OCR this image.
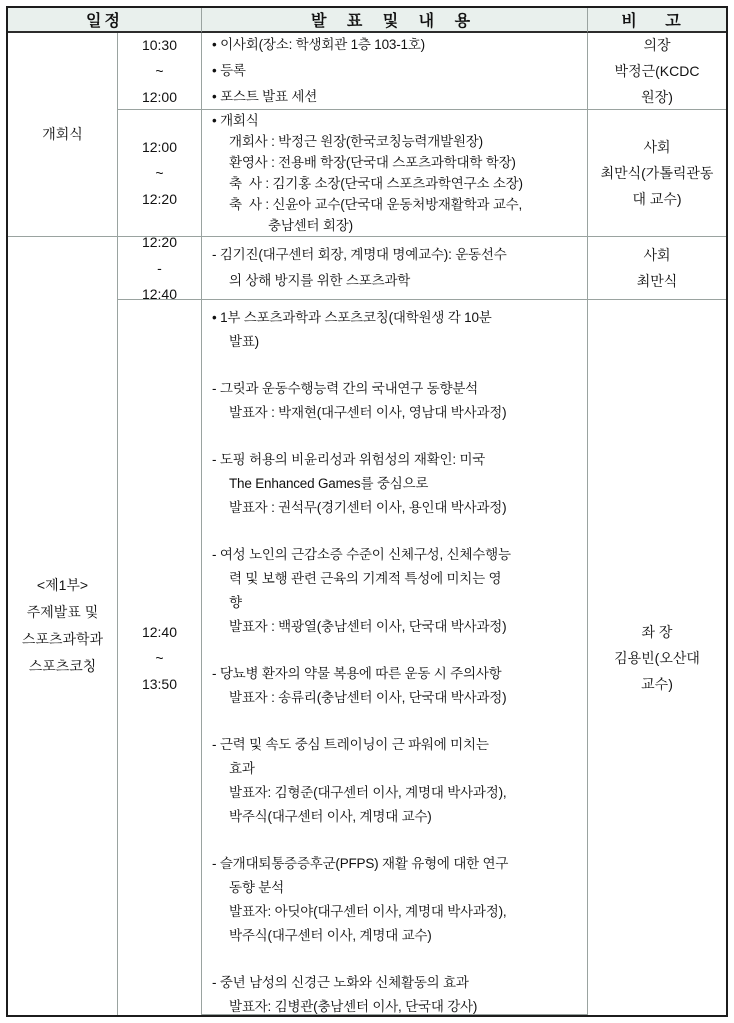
일정	발 표 및 내 용	비 고
개회식
<제1부>
주제발표 및
스포츠과학과
스포츠코칭
10:30
~
12:00
12:00
~
12:20
12:20
-
12:40
12:40
~
13:50
• 이사회(장소: 학생회관 1층 103-1호)
• 등록
• 포스트 발표 세션
• 개회식
개회사 : 박정근 원장(한국코칭능력개발원장)
환영사 : 전용배 학장(단국대 스포츠과학대학 학장)
축  사 : 김기홍 소장(단국대 스포츠과학연구소 소장)
축  사 : 신윤아 교수(단국대 운동처방재활학과 교수,
충남센터 회장)
- 김기진(대구센터 회장, 계명대 명예교수): 운동선수
의 상해 방지를 위한 스포츠과학
• 1부 스포츠과학과 스포츠코칭(대학원생 각 10분
발표)
- 그릿과 운동수행능력 간의 국내연구 동향분석
발표자 : 박재현(대구센터 이사, 영남대 박사과정)
- 도핑 허용의 비윤리성과 위험성의 재확인: 미국
The Enhanced Games를 중심으로
발표자 : 권석무(경기센터 이사, 용인대 박사과정)
- 여성 노인의 근감소증 수준이 신체구성, 신체수행능
력 및 보행 관련 근육의 기계적 특성에 미치는 영
향
발표자 : 백광열(충남센터 이사, 단국대 박사과정)
- 당뇨병 환자의 약물 복용에 따른 운동 시 주의사항
발표자 : 송류리(충남센터 이사, 단국대 박사과정)
- 근력 및 속도 중심 트레이닝이 근 파워에 미치는
효과
발표자: 김형준(대구센터 이사, 계명대 박사과정),
박주식(대구센터 이사, 계명대 교수)
- 슬개대퇴통증증후군(PFPS) 재활 유형에 대한 연구
동향 분석
발표자: 아딧야(대구센터 이사, 계명대 박사과정),
박주식(대구센터 이사, 계명대 교수)
- 중년 남성의 신경근 노화와 신체활동의 효과
발표자: 김병관(충남센터 이사, 단국대 강사)
의장
박정근(KCDC
원장)
사회
최만식(가톨릭관동
대 교수)
사회
최만식
좌 장
김용빈(오산대
교수)
